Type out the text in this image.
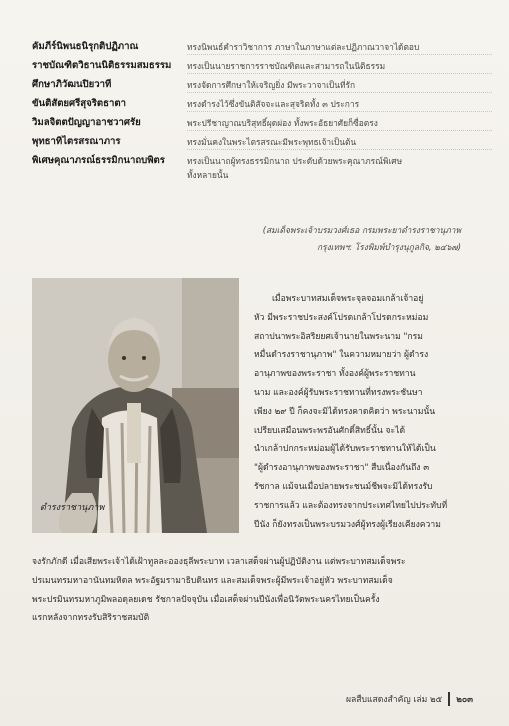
คัมภีร์นิพนธนิรุกติปฏิภาณ	ทรงนิพนธ์คำราวิชาการ ภาษาในภาษาแต่ละปฏิภาณวาจาได้ตอบ
ราชบัณฑิตวิธานนิติธรรมสมธรรม	ทรงเป็นนายราชการราชบัณฑิตและสามารถในนิติธรรม
ศึกษาภิวัฒนปิยวาที	ทรงจัดการศึกษาให้เจริญยิ่ง มีพระวาจาเป็นที่รัก
ขันติสัตยศรีสุจริตธาตา	ทรงดำรงไว้ซึ่งขันติสัจจะและสุจริตทั้ง ๓ ประการ
วิมลจิตตปัญญาอาชวาศรัย	พระปรีชาญาณบริสุทธิ์ผุดผ่อง ทั้งพระอัธยาศัยก็ซื่อตรง
พุทธาทิไตรสรณาภาร	ทรงมั่นคงในพระไตรสรณะมีพระพุทธเจ้าเป็นต้น
พิเศษคุณาภรณ์ธรรมิกนาถบพิตร	ทรงเป็นนาถผู้ทรงธรรมิกนาถ ประดับด้วยพระคุณาภรณ์พิเศษ
ทั้งหลายนั้น
(สมเด็จพระเจ้าบรมวงศ์เธอ กรมพระยาดำรงราชานุภาพ
กรุงเทพฯ: โรงพิมพ์บำรุงนุกูลกิจ, ๒๔๖๗)
ดำรงราชานุภาพ
เมื่อพระบาทสมเด็จพระจุลจอมเกล้าเจ้าอยู่
หัว มีพระราชประสงค์โปรดเกล้าโปรดกระหม่อม
สถาปนาพระอิสริยยศเจ้านายในพระนาม "กรม
หมื่นดำรงราชานุภาพ" ในความหมายว่า ผู้ดำรง
อานุภาพของพระราชา ทั้งองค์ผู้พระราชทาน
นาม และองค์ผู้รับพระราชทานที่ทรงพระชันษา
เพียง ๒๙ ปี ก็คงจะมิได้ทรงคาดคิดว่า พระนามนั้น
เปรียบเสมือนพระพรอันศักดิ์สิทธิ์นั้น จะได้
นำเกล้าปกกระหม่อมผู้ได้รับพระราชทานให้ได้เป็น
"ผู้ดำรงอานุภาพของพระราชา" สืบเนื่องกันถึง ๓
รัชกาล แม้จนเมื่อปลายพระชนม์ชีพจะมิได้ทรงรับ
ราชการแล้ว และต้องทรงจากประเทศไทยไปประทับที่
ปีนัง ก็ยังทรงเป็นพระบรมวงศ์ผู้ทรงผู้เรียงเคียงความ
จงรักภักดี เมื่อเสียพระเจ้าได้เฝ้าทูลละอองธุลีพระบาท เวลาเสด็จผ่านผู้ปฏิบัติงาน แต่พระบาทสมเด็จพระ
ปรเมนทรมหาอานันทมหิดล พระอัฐมรามาธิบดินทร และสมเด็จพระผู้มีพระเจ้าอยู่หัว พระบาทสมเด็จ
พระปรมินทรมหาภูมิพลอดุลยเดช รัชกาลปัจจุบัน เมื่อเสด็จผ่านปีนังเพื่อนิวัตพระนครไทยเป็นครั้ง
แรกหลังจากทรงรับสิริราชสมบัติ
ผลสืบแสดงสำคัญ เล่ม ๒๕ ๒๐๓
